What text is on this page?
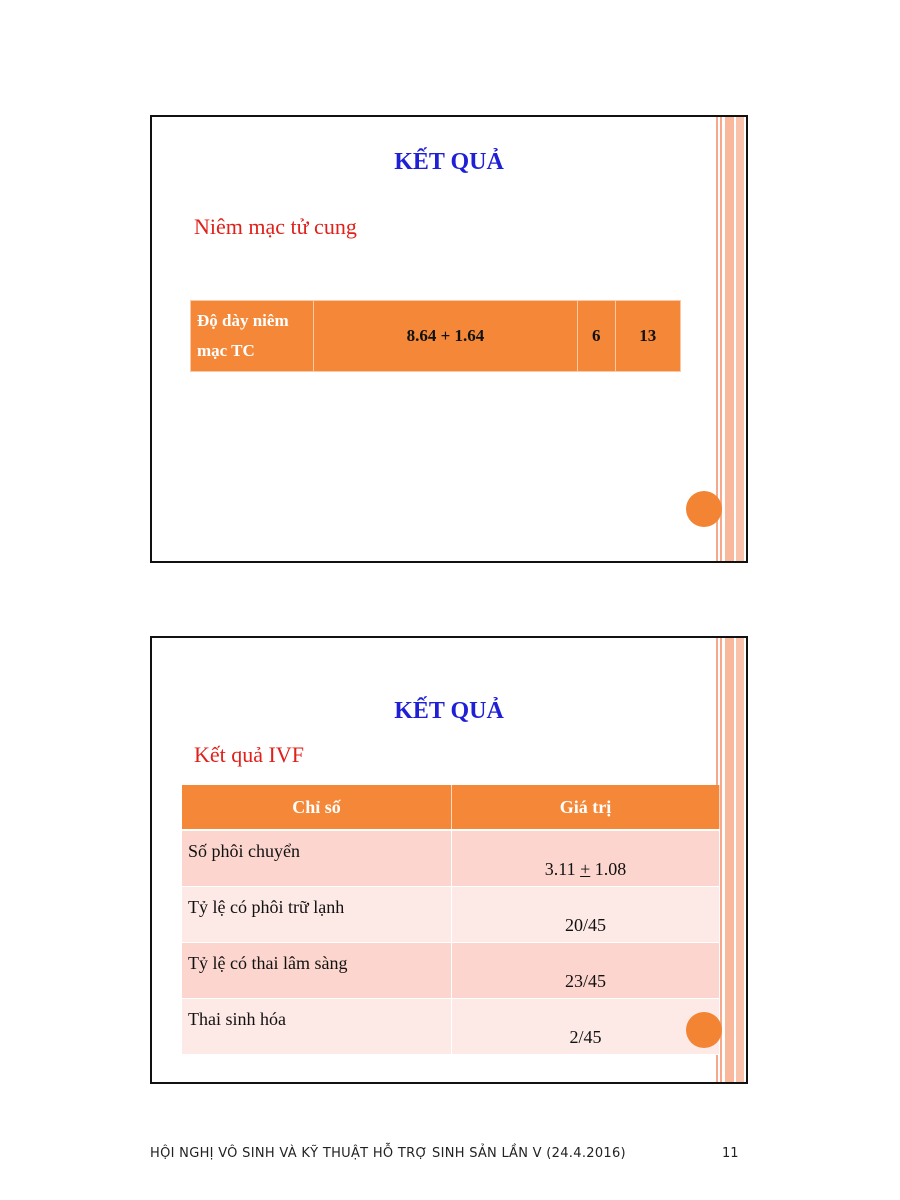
KẾT QUẢ
Niêm mạc tử cung
Độ dày niêm
mạc TC	8.64 + 1.64	6	13
KẾT QUẢ
Kết quả IVF
Chỉ số	Giá trị
Số phôi chuyển	3.11 + 1.08
Tỷ lệ có phôi trữ lạnh	20/45
Tỷ lệ có thai lâm sàng	23/45
Thai sinh hóa	2/45
HỘI NGHỊ VÔ SINH VÀ KỸ THUẬT HỖ TRỢ SINH SẢN LẦN V (24.4.2016)	11
